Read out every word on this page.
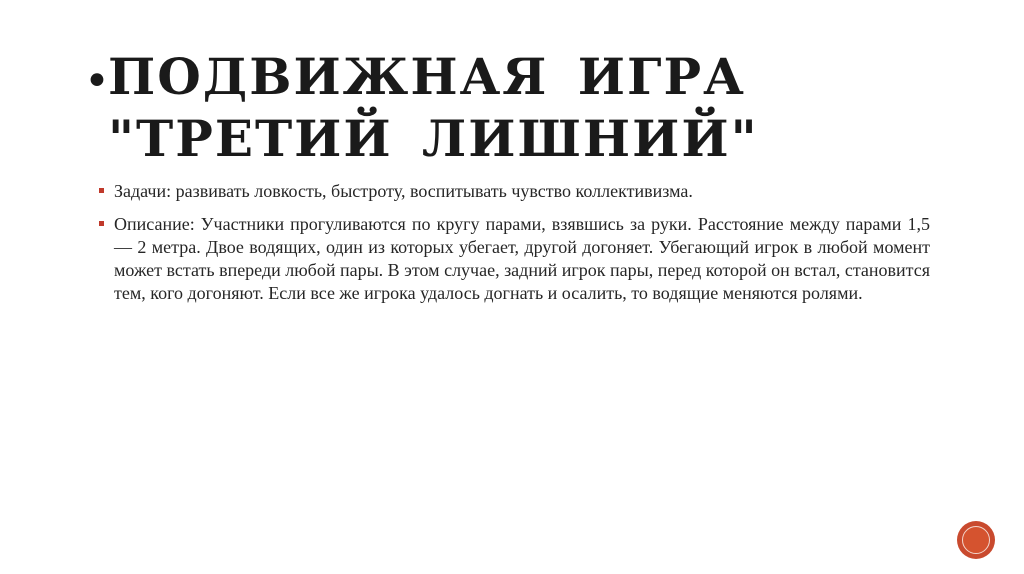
•
ПОДВИЖНАЯ ИГРА "ТРЕТИЙ ЛИШНИЙ"
Задачи: развивать ловкость, быстроту, воспитывать чувство коллективизма.
Описание: Участники прогуливаются по кругу парами, взявшись за руки. Расстояние между парами 1,5 — 2 метра. Двое водящих, один из которых убегает, другой догоняет. Убегающий игрок в любой момент может встать впереди любой пары. В этом случае, задний игрок пары, перед которой он встал, становится тем, кого догоняют. Если все же игрока удалось догнать и осалить, то водящие меняются ролями.
